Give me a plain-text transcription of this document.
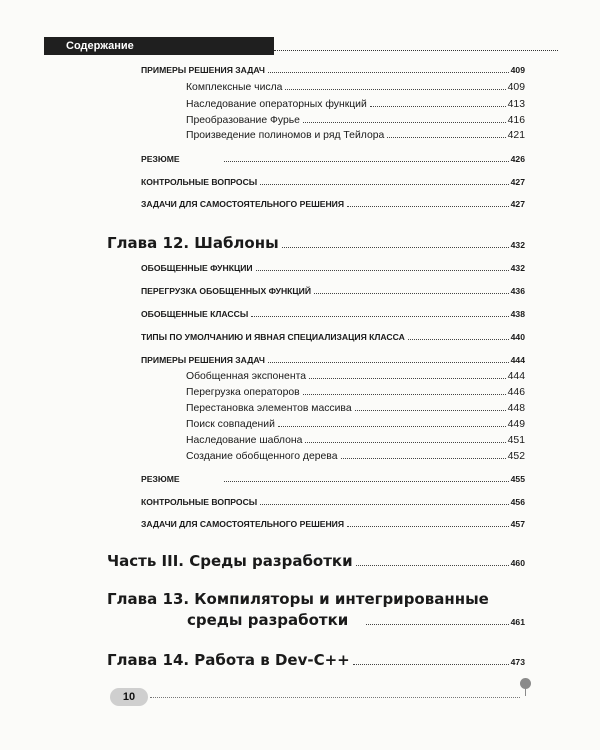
Содержание
ПРИМЕРЫ РЕШЕНИЯ ЗАДАЧ	409
Комплексные числа	409
Наследование операторных функций	413
Преобразование Фурье	416
Произведение полиномов и ряд Тейлора	421
РЕЗЮМЕ	426
КОНТРОЛЬНЫЕ ВОПРОСЫ	427
ЗАДАЧИ ДЛЯ САМОСТОЯТЕЛЬНОГО РЕШЕНИЯ	427
Глава 12. Шаблоны	432
ОБОБЩЕННЫЕ ФУНКЦИИ	432
ПЕРЕГРУЗКА ОБОБЩЕННЫХ ФУНКЦИЙ	436
ОБОБЩЕННЫЕ КЛАССЫ	438
ТИПЫ ПО УМОЛЧАНИЮ И ЯВНАЯ СПЕЦИАЛИЗАЦИЯ КЛАССА	440
ПРИМЕРЫ РЕШЕНИЯ ЗАДАЧ	444
Обобщенная экспонента	444
Перегрузка операторов	446
Перестановка элементов массива	448
Поиск совпадений	449
Наследование шаблона	451
Создание обобщенного дерева	452
РЕЗЮМЕ	455
КОНТРОЛЬНЫЕ ВОПРОСЫ	456
ЗАДАЧИ ДЛЯ САМОСТОЯТЕЛЬНОГО РЕШЕНИЯ	457
Часть III. Среды разработки	460
Глава 13. Компиляторы и интегрированные
среды разработки	461
Глава 14. Работа в Dev-C++	473
10
